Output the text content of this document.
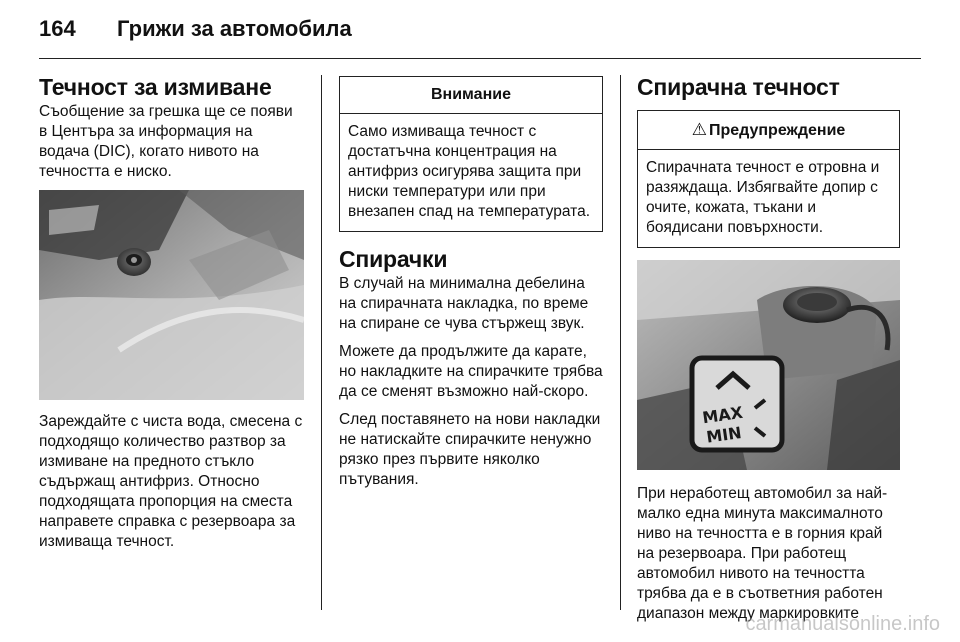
164	Грижи за автомобила
Течност за измиване

Съобщение за грешка ще се появи в Центъра за информация на водача (DIC), когато нивото на течността е ниско.

Зареждайте с чиста вода, смесена с подходящо количество разтвор за измиване на предното стъкло съдържащ антифриз. Относно подходящата пропорция на сместа направете справка с резервоара за измиваща течност.

Внимание
Само измиваща течност с достатъчна концентрация на антифриз осигурява защита при ниски температури или при внезапен спад на температурата.
Спирачки

В случай на минимална дебелина на спирачната накладка, по време на спиране се чува стържещ звук.

Можете да продължите да карате, но накладките на спирачките трябва да се сменят възможно най-скоро.

След поставянето на нови накладки не натискайте спирачките ненужно рязко през първите няколко пътувания.

Спирачна течност
⚠ Предупреждение
Спирачната течност е отровна и разяждаща. Избягвайте допир с очите, кожата, тъкани и боядисани повърхности.
MAX
MIN

При неработещ автомобил за най-малко една минута максималното ниво на течността е в горния край на резервоара. При работещ автомобил нивото на течността трябва да е в съответния работен диапазон между маркировките

carmanualsonline.info
